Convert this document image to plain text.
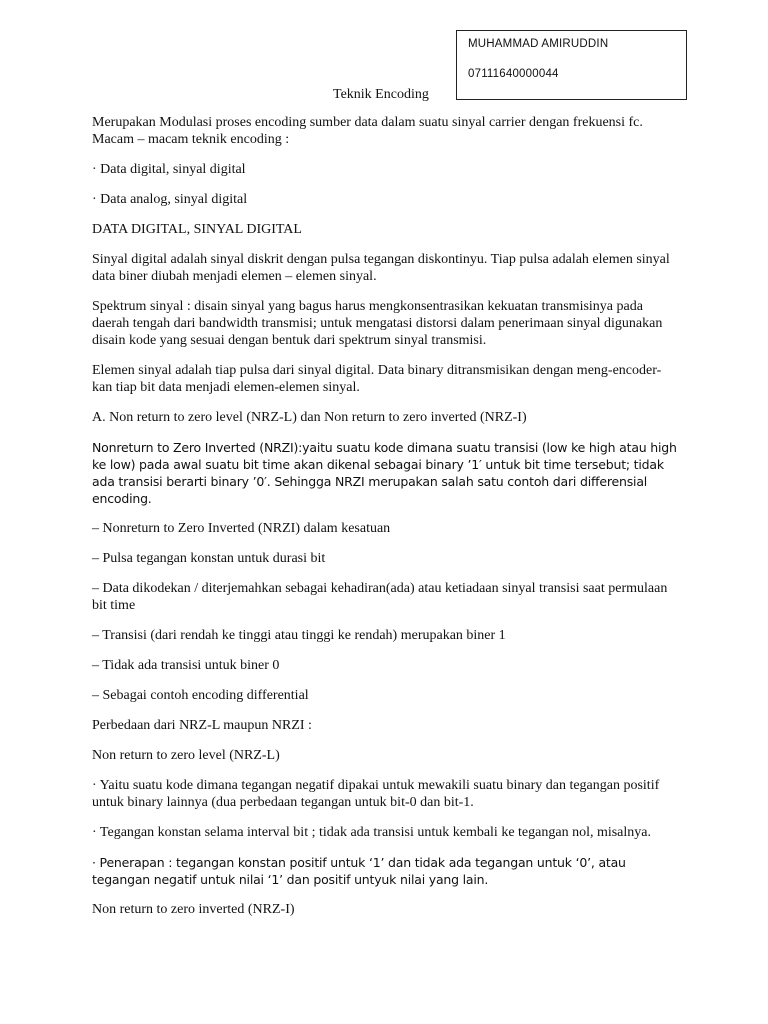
MUHAMMAD AMIRUDDIN
07111640000044
Teknik Encoding

Merupakan Modulasi proses encoding sumber data dalam suatu sinyal carrier dengan frekuensi fc. Macam – macam teknik encoding :

· Data digital, sinyal digital

· Data analog, sinyal digital

DATA DIGITAL, SINYAL DIGITAL

Sinyal digital adalah sinyal diskrit dengan pulsa tegangan diskontinyu. Tiap pulsa adalah elemen sinyal data biner diubah menjadi elemen – elemen sinyal.

Spektrum sinyal : disain sinyal yang bagus harus mengkonsentrasikan kekuatan transmisinya pada daerah tengah dari bandwidth transmisi; untuk mengatasi distorsi dalam penerimaan sinyal digunakan disain kode yang sesuai dengan bentuk dari spektrum sinyal transmisi.

Elemen sinyal adalah tiap pulsa dari sinyal digital. Data binary ditransmisikan dengan meng-encoder-kan tiap bit data menjadi elemen-elemen sinyal.

A. Non return to zero level (NRZ-L) dan Non return to zero inverted (NRZ-I)

Nonreturn to Zero Inverted (NRZI):yaitu suatu kode dimana suatu transisi (low ke high atau high ke low) pada awal suatu bit time akan dikenal sebagai binary ’1′ untuk bit time tersebut; tidak ada transisi berarti binary ’0′. Sehingga NRZI merupakan salah satu contoh dari differensial encoding.

– Nonreturn to Zero Inverted (NRZI) dalam kesatuan

– Pulsa tegangan konstan untuk durasi bit

– Data dikodekan / diterjemahkan sebagai kehadiran(ada) atau ketiadaan sinyal transisi saat permulaan bit time

– Transisi (dari rendah ke tinggi atau tinggi ke rendah) merupakan biner 1

– Tidak ada transisi untuk biner 0

– Sebagai contoh encoding differential

Perbedaan dari NRZ-L maupun NRZI :

Non return to zero level (NRZ-L)

· Yaitu suatu kode dimana tegangan negatif dipakai untuk mewakili suatu binary dan tegangan positif untuk binary lainnya (dua perbedaan tegangan untuk bit-0 dan bit-1.

· Tegangan konstan selama interval bit ; tidak ada transisi untuk kembali ke tegangan nol, misalnya.

· Penerapan : tegangan konstan positif untuk ‘1’ dan tidak ada tegangan untuk ‘0’, atau tegangan negatif untuk nilai ‘1’ dan positif untyuk nilai yang lain.

Non return to zero inverted (NRZ-I)
